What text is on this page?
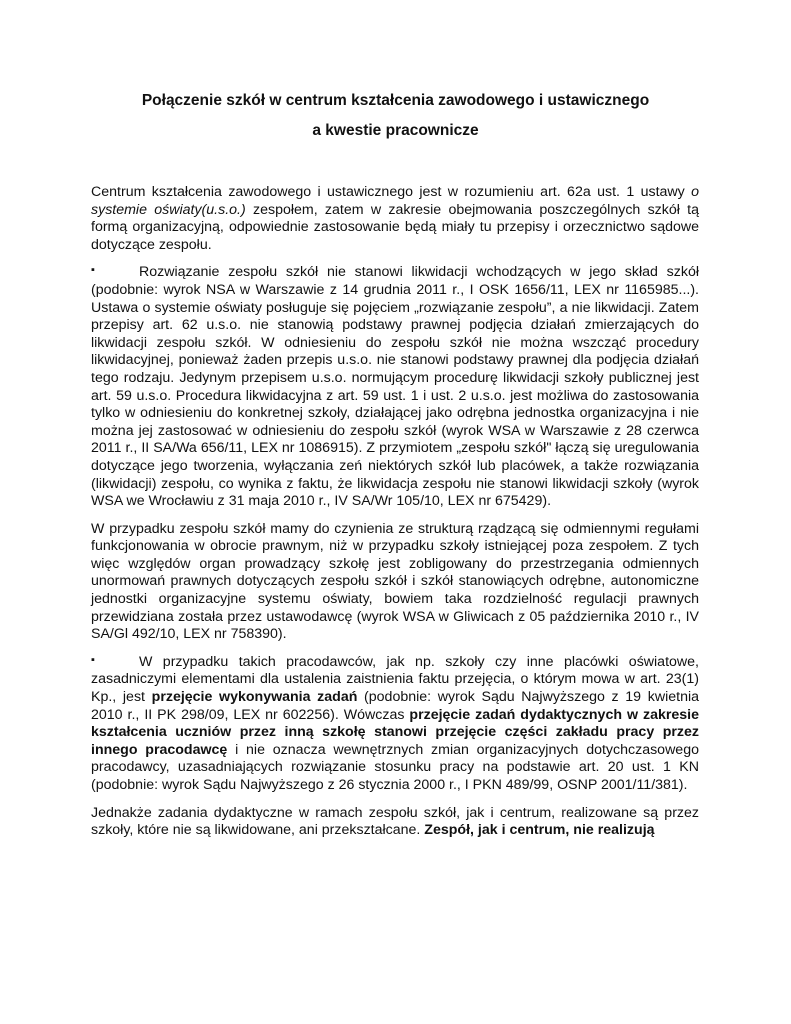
Połączenie szkół w centrum kształcenia zawodowego i ustawicznego
a kwestie pracownicze

Centrum kształcenia zawodowego i ustawicznego jest w rozumieniu art. 62a ust. 1 ustawy o systemie oświaty(u.s.o.) zespołem, zatem w zakresie obejmowania poszczególnych szkół tą formą organizacyjną, odpowiednie zastosowanie będą miały tu przepisy i orzecznictwo sądowe dotyczące zespołu.

▪	Rozwiązanie zespołu szkół nie stanowi likwidacji wchodzących w jego skład szkół (podobnie: wyrok NSA w Warszawie z 14 grudnia 2011 r., I OSK 1656/11, LEX nr 1165985...). Ustawa o systemie oświaty posługuje się pojęciem „rozwiązanie zespołu”, a nie likwidacji. Zatem przepisy art. 62 u.s.o. nie stanowią podstawy prawnej podjęcia działań zmierzających do likwidacji zespołu szkół. W odniesieniu do zespołu szkół nie można wszcząć procedury likwidacyjnej, ponieważ żaden przepis u.s.o. nie stanowi podstawy prawnej dla podjęcia działań tego rodzaju. Jedynym przepisem u.s.o. normującym procedurę likwidacji szkoły publicznej jest art. 59 u.s.o. Procedura likwidacyjna z art. 59 ust. 1 i ust. 2 u.s.o. jest możliwa do zastosowania tylko w odniesieniu do konkretnej szkoły, działającej jako odrębna jednostka organizacyjna i nie można jej zastosować w odniesieniu do zespołu szkół (wyrok WSA w Warszawie z 28 czerwca 2011 r., II SA/Wa 656/11, LEX nr 1086915). Z przymiotem „zespołu szkół" łączą się uregulowania dotyczące jego tworzenia, wyłączania zeń niektórych szkół lub placówek, a także rozwiązania (likwidacji) zespołu, co wynika z faktu, że likwidacja zespołu nie stanowi likwidacji szkoły (wyrok WSA we Wrocławiu z 31 maja 2010 r., IV SA/Wr 105/10, LEX nr 675429).

W przypadku zespołu szkół mamy do czynienia ze strukturą rządzącą się odmiennymi regułami funkcjonowania w obrocie prawnym, niż w przypadku szkoły istniejącej poza zespołem. Z tych więc względów organ prowadzący szkołę jest zobligowany do przestrzegania odmiennych unormowań prawnych dotyczących zespołu szkół i szkół stanowiących odrębne, autonomiczne jednostki organizacyjne systemu oświaty, bowiem taka rozdzielność regulacji prawnych przewidziana została przez ustawodawcę (wyrok WSA w Gliwicach z 05 października 2010 r., IV SA/Gl 492/10, LEX nr 758390).

▪	W przypadku takich pracodawców, jak np. szkoły czy inne placówki oświatowe, zasadniczymi elementami dla ustalenia zaistnienia faktu przejęcia, o którym mowa w art. 23(1) Kp., jest przejęcie wykonywania zadań (podobnie: wyrok Sądu Najwyższego z 19 kwietnia 2010 r., II PK 298/09, LEX nr 602256). Wówczas przejęcie zadań dydaktycznych w zakresie kształcenia uczniów przez inną szkołę stanowi przejęcie części zakładu pracy przez innego pracodawcę i nie oznacza wewnętrznych zmian organizacyjnych dotychczasowego pracodawcy, uzasadniających rozwiązanie stosunku pracy na podstawie art. 20 ust. 1 KN (podobnie: wyrok Sądu Najwyższego z 26 stycznia 2000 r., I PKN 489/99, OSNP 2001/11/381).

Jednakże zadania dydaktyczne w ramach zespołu szkół, jak i centrum, realizowane są przez szkoły, które nie są likwidowane, ani przekształcane. Zespół, jak i centrum, nie realizują
